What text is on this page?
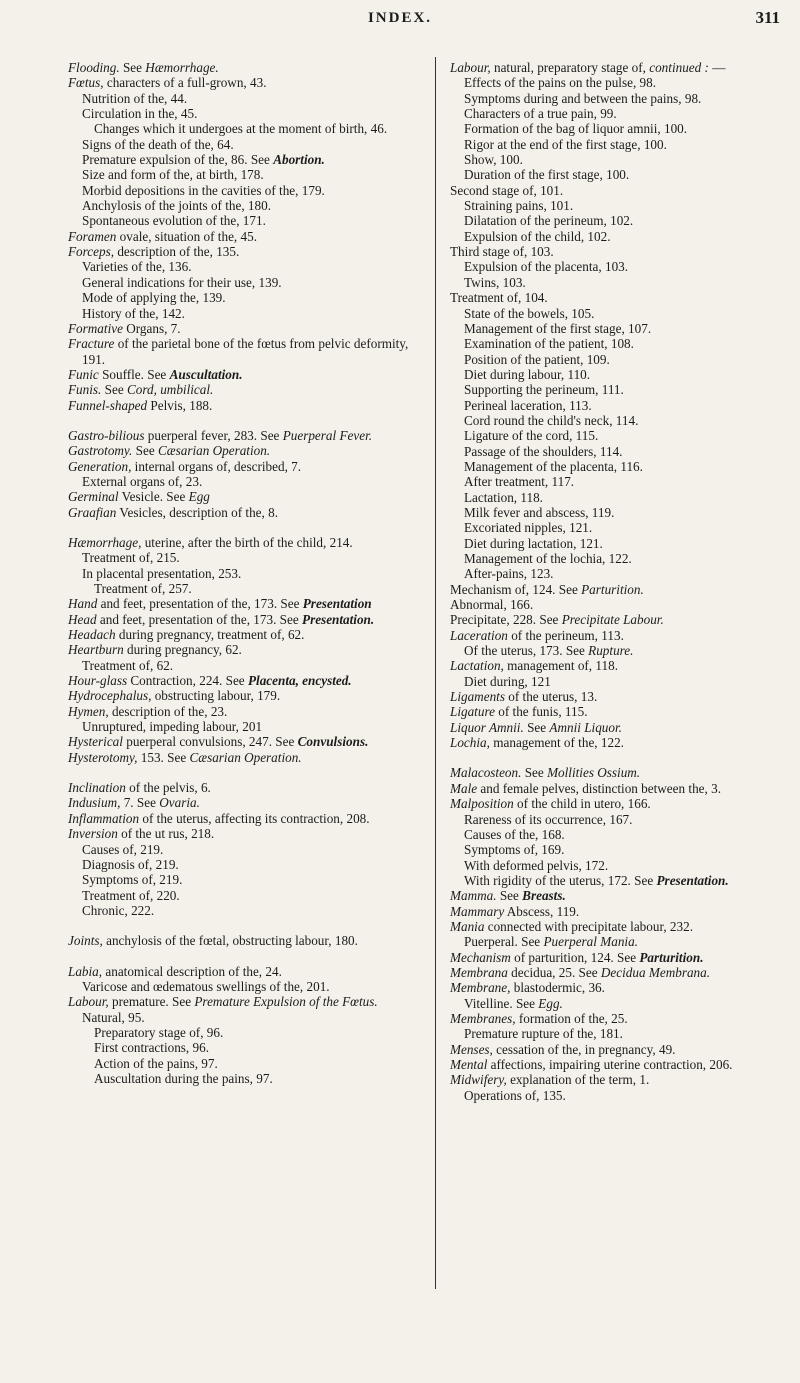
INDEX.	311
Flooding. See Hæmorrhage.
Fœtus, characters of a full-grown, 43.
Nutrition of the, 44.
Circulation in the, 45.
Changes which it undergoes at the moment of birth, 46.
Signs of the death of the, 64.
Premature expulsion of the, 86. See Abortion.
Size and form of the, at birth, 178.
Morbid depositions in the cavities of the, 179.
Anchylosis of the joints of the, 180.
Spontaneous evolution of the, 171.
Foramen ovale, situation of the, 45.
Forceps, description of the, 135.
Varieties of the, 136.
General indications for their use, 139.
Mode of applying the, 139.
History of the, 142.
Formative Organs, 7.
Fracture of the parietal bone of the fœtus from pelvic deformity, 191.
Funic Souffle. See Auscultation.
Funis. See Cord, umbilical.
Funnel-shaped Pelvis, 188.
Gastro-bilious puerperal fever, 283. See Puerperal Fever.
Gastrotomy. See Cæsarian Operation.
Generation, internal organs of, described, 7.
External organs of, 23.
Germinal Vesicle. See Egg
Graafian Vesicles, description of the, 8.
Hæmorrhage, uterine, after the birth of the child, 214.
Treatment of, 215.
In placental presentation, 253.
Treatment of, 257.
Hand and feet, presentation of the, 173. See Presentation
Head and feet, presentation of the, 173. See Presentation.
Headach during pregnancy, treatment of, 62.
Heartburn during pregnancy, 62.
Treatment of, 62.
Hour-glass Contraction, 224. See Placenta, encysted.
Hydrocephalus, obstructing labour, 179.
Hymen, description of the, 23.
Unruptured, impeding labour, 201
Hysterical puerperal convulsions, 247. See Convulsions.
Hysterotomy, 153. See Cæsarian Operation.
Inclination of the pelvis, 6.
Indusium, 7. See Ovaria.
Inflammation of the uterus, affecting its contraction, 208.
Inversion of the ut rus, 218.
Causes of, 219.
Diagnosis of, 219.
Symptoms of, 219.
Treatment of, 220.
Chronic, 222.
Joints, anchylosis of the fœtal, obstructing labour, 180.
Labia, anatomical description of the, 24.
Varicose and œdematous swellings of the, 201.
Labour, premature. See Premature Expulsion of the Fœtus.
Natural, 95.
Preparatory stage of, 96.
First contractions, 96.
Action of the pains, 97.
Auscultation during the pains, 97.
Labour, natural, preparatory stage of, continued : —
Effects of the pains on the pulse, 98.
Symptoms during and between the pains, 98.
Characters of a true pain, 99.
Formation of the bag of liquor amnii, 100.
Rigor at the end of the first stage, 100.
Show, 100.
Duration of the first stage, 100.
Second stage of, 101.
Straining pains, 101.
Dilatation of the perineum, 102.
Expulsion of the child, 102.
Third stage of, 103.
Expulsion of the placenta, 103.
Twins, 103.
Treatment of, 104.
State of the bowels, 105.
Management of the first stage, 107.
Examination of the patient, 108.
Position of the patient, 109.
Diet during labour, 110.
Supporting the perineum, 111.
Perineal laceration, 113.
Cord round the child's neck, 114.
Ligature of the cord, 115.
Passage of the shoulders, 114.
Management of the placenta, 116.
After treatment, 117.
Lactation, 118.
Milk fever and abscess, 119.
Excoriated nipples, 121.
Diet during lactation, 121.
Management of the lochia, 122.
After-pains, 123.
Mechanism of, 124. See Parturition.
Abnormal, 166.
Precipitate, 228. See Precipitate Labour.
Laceration of the perineum, 113.
Of the uterus, 173. See Rupture.
Lactation, management of, 118.
Diet during, 121
Ligaments of the uterus, 13.
Ligature of the funis, 115.
Liquor Amnii. See Amnii Liquor.
Lochia, management of the, 122.
Malacosteon. See Mollities Ossium.
Male and female pelves, distinction between the, 3.
Malposition of the child in utero, 166.
Rareness of its occurrence, 167.
Causes of the, 168.
Symptoms of, 169.
With deformed pelvis, 172.
With rigidity of the uterus, 172. See Presentation.
Mamma. See Breasts.
Mammary Abscess, 119.
Mania connected with precipitate labour, 232.
Puerperal. See Puerperal Mania.
Mechanism of parturition, 124. See Parturition.
Membrana decidua, 25. See Decidua Membrana.
Membrane, blastodermic, 36.
Vitelline. See Egg.
Membranes, formation of the, 25.
Premature rupture of the, 181.
Menses, cessation of the, in pregnancy, 49.
Mental affections, impairing uterine contraction, 206.
Midwifery, explanation of the term, 1.
Operations of, 135.
